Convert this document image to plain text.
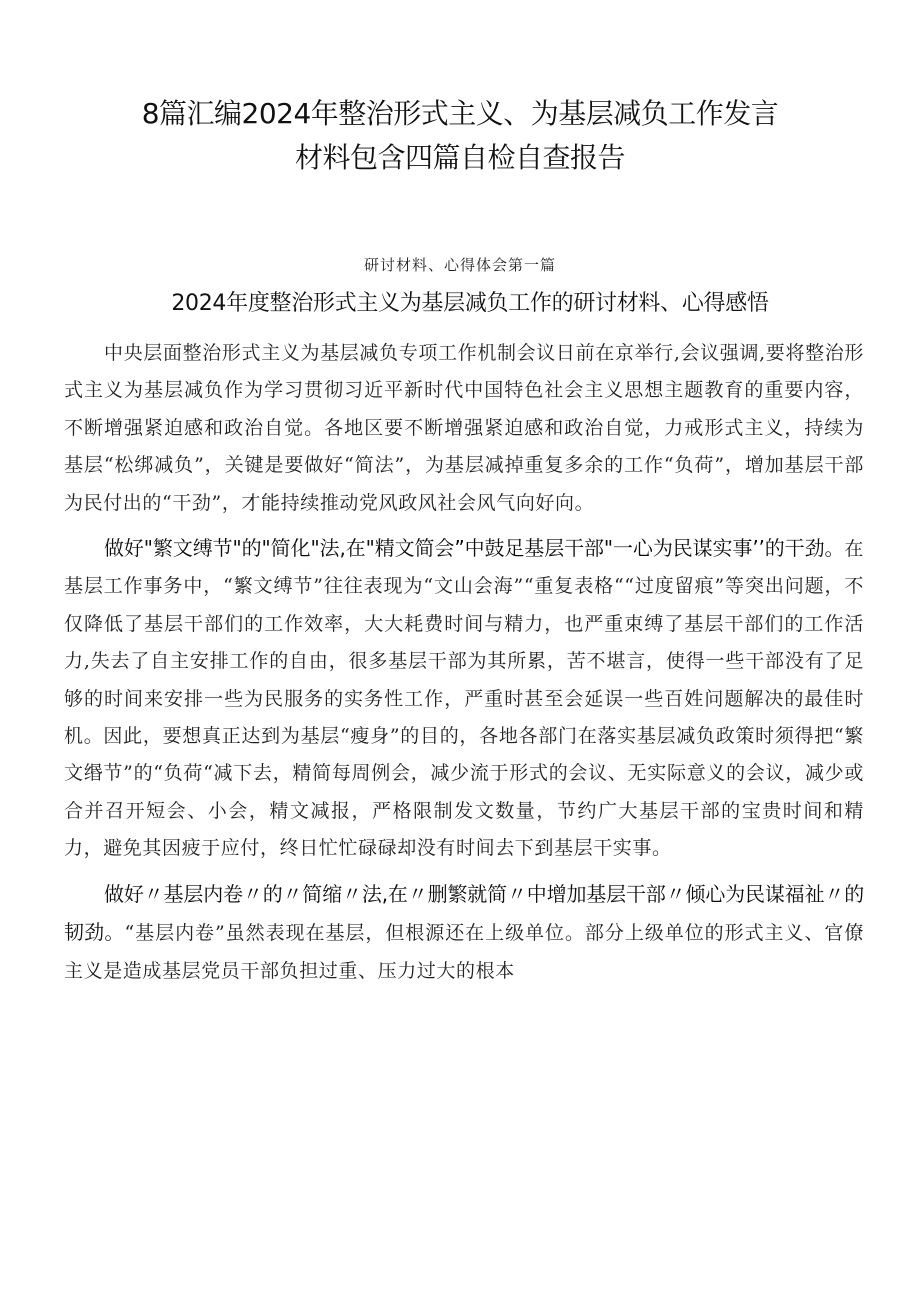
8篇汇编2024年整治形式主义、为基层减负工作发言
材料包含四篇自检自查报告
研讨材料、心得体会第一篇
2024年度整治形式主义为基层减负工作的研讨材料、心得感悟

中央层面整治形式主义为基层减负专项工作机制会议日前在京举行,会议强调,要将整治形式主义为基层减负作为学习贯彻习近平新时代中国特色社会主义思想主题教育的重要内容，不断增强紧迫感和政治自觉。各地区要不断增强紧迫感和政治自觉，力戒形式主义，持续为基层“松绑减负”，关键是要做好“简法”，为基层减掉重复多余的工作“负荷”，增加基层干部为民付出的“干劲”，才能持续推动党风政风社会风气向好向。

做好"繁文缚节"的"简化"法,在"精文简会”中鼓足基层干部"一心为民谋实事’’的干劲。在基层工作事务中，“繁文缚节”往往表现为“文山会海”“重复表格““过度留痕”等突出问题，不仅降低了基层干部们的工作效率，大大耗费时间与精力，也严重束缚了基层干部们的工作活力,失去了自主安排工作的自由，很多基层干部为其所累，苦不堪言，使得一些干部没有了足够的时间来安排一些为民服务的实务性工作，严重时甚至会延误一些百姓问题解决的最佳时机。因此，要想真正达到为基层“瘦身”的目的，各地各部门在落实基层减负政策时须得把“繁文缗节”的“负荷“减下去，精简每周例会，减少流于形式的会议、无实际意义的会议，减少或合并召开短会、小会，精文减报，严格限制发文数量，节约广大基层干部的宝贵时间和精力，避免其因疲于应付，终日忙忙碌碌却没有时间去下到基层干实事。

做好〃基层内卷〃的〃简缩〃法,在〃删繁就简〃中增加基层干部〃倾心为民谋福祉〃的韧劲。“基层内卷”虽然表现在基层，但根源还在上级单位。部分上级单位的形式主义、官僚主义是造成基层党员干部负担过重、压力过大的根本
